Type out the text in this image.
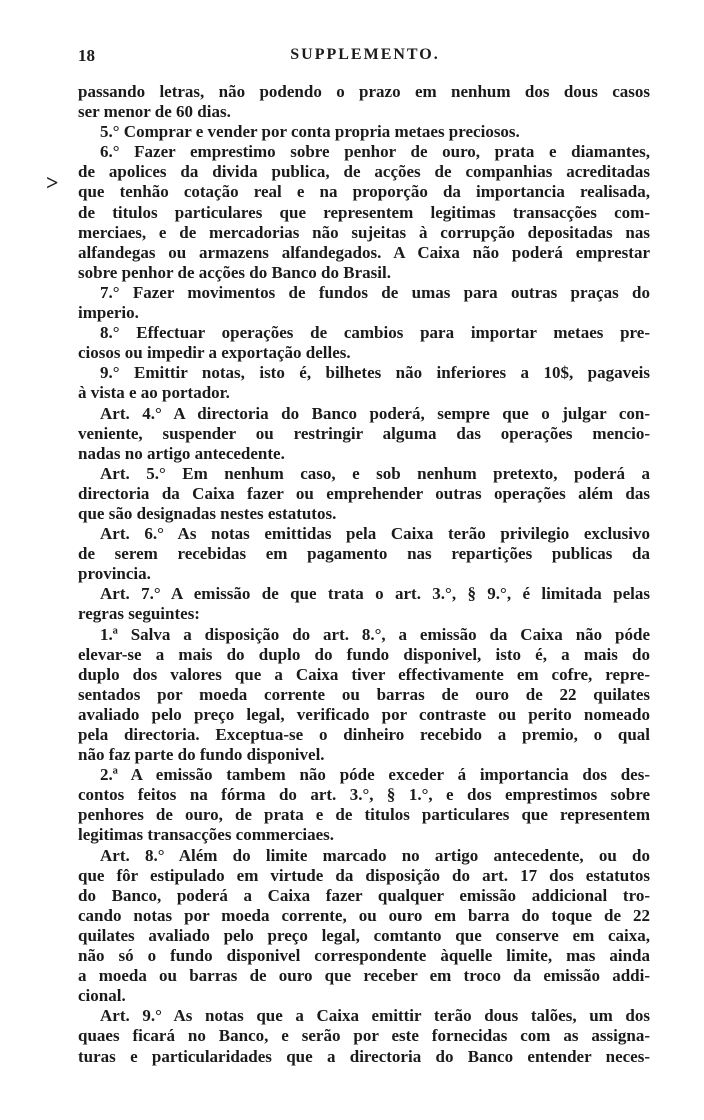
18	SUPPLEMENTO.
>
passando letras, não podendo o prazo em nenhum dos dous casos
ser menor de 60 dias.
5.° Comprar e vender por conta propria metaes preciosos.
6.° Fazer emprestimo sobre penhor de ouro, prata e diamantes,
de apolices da divida publica, de acções de companhias acreditadas
que tenhão cotação real e na proporção da importancia realisada,
de titulos particulares que representem legitimas transacções com-
merciaes, e de mercadorias não sujeitas à corrupção depositadas nas
alfandegas ou armazens alfandegados. A Caixa não poderá emprestar
sobre penhor de acções do Banco do Brasil.
7.° Fazer movimentos de fundos de umas para outras praças do
imperio.
8.° Effectuar operações de cambios para importar metaes pre-
ciosos ou impedir a exportação delles.
9.° Emittir notas, isto é, bilhetes não inferiores a 10$, pagaveis
à vista e ao portador.
Art. 4.° A directoria do Banco poderá, sempre que o julgar con-
veniente, suspender ou restringir alguma das operações mencio-
nadas no artigo antecedente.
Art. 5.° Em nenhum caso, e sob nenhum pretexto, poderá a
directoria da Caixa fazer ou emprehender outras operações além das
que são designadas nestes estatutos.
Art. 6.° As notas emittidas pela Caixa terão privilegio exclusivo
de serem recebidas em pagamento nas repartições publicas da
provincia.
Art. 7.° A emissão de que trata o art. 3.°, § 9.°, é limitada pelas
regras seguintes:
1.ª Salva a disposição do art. 8.°, a emissão da Caixa não póde
elevar-se a mais do duplo do fundo disponivel, isto é, a mais do
duplo dos valores que a Caixa tiver effectivamente em cofre, repre-
sentados por moeda corrente ou barras de ouro de 22 quilates
avaliado pelo preço legal, verificado por contraste ou perito nomeado
pela directoria. Exceptua-se o dinheiro recebido a premio, o qual
não faz parte do fundo disponivel.
2.ª A emissão tambem não póde exceder á importancia dos des-
contos feitos na fórma do art. 3.°, § 1.°, e dos emprestimos sobre
penhores de ouro, de prata e de titulos particulares que representem
legitimas transacções commerciaes.
Art. 8.° Além do limite marcado no artigo antecedente, ou do
que fôr estipulado em virtude da disposição do art. 17 dos estatutos
do Banco, poderá a Caixa fazer qualquer emissão addicional tro-
cando notas por moeda corrente, ou ouro em barra do toque de 22
quilates avaliado pelo preço legal, comtanto que conserve em caixa,
não só o fundo disponivel correspondente àquelle limite, mas ainda
a moeda ou barras de ouro que receber em troco da emissão addi-
cional.
Art. 9.° As notas que a Caixa emittir terão dous talões, um dos
quaes ficará no Banco, e serão por este fornecidas com as assigna-
turas e particularidades que a directoria do Banco entender neces-
